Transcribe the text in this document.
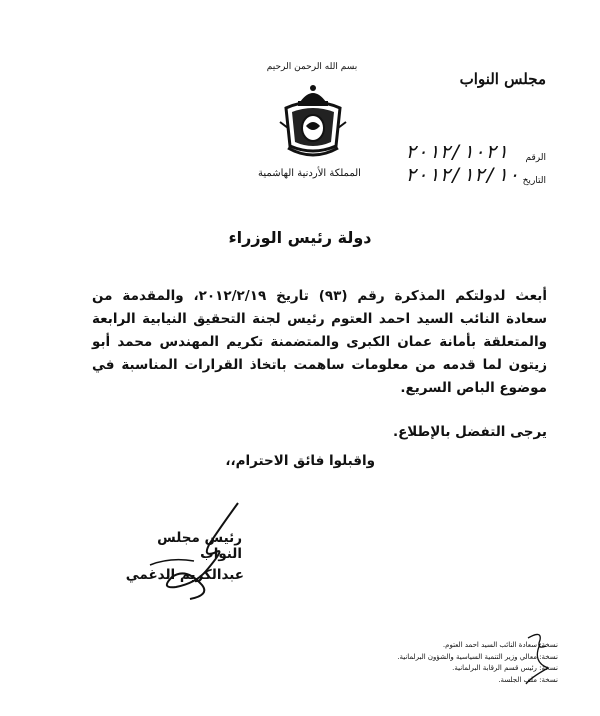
بسم الله الرحمن الرحيم
المملكة الأردنية الهاشمية
مجلس النواب
الرقم
٢٠١٢/١٠٢١
التاريخ
٢٠١٢/١٢/١٠
دولة رئيس الوزراء
أبعث لدولتكم المذكرة رقم (٩٣) تاريخ ٢٠١٢/٢/١٩، والمقدمة من سعادة النائب السيد احمد العتوم رئيس لجنة التحقيق النيابية الرابعة والمتعلقة بأمانة عمان الكبرى والمتضمنة تكريم المهندس محمد أبو زيتون لما قدمه من معلومات ساهمت باتخاذ القرارات المناسبة في موضوع الباص السريع.
يرجى التفضل بالإطلاع.
واقبلوا فائق الاحترام،،
رئيس مجلس النواب
عبدالكريم الدغمي
نسخة: سعادة النائب السيد احمد العتوم.
نسخة: معالي وزير التنمية السياسية والشؤون البرلمانية.
نسخة: رئيس قسم الرقابة البرلمانية.
نسخة: ملف الجلسة.
